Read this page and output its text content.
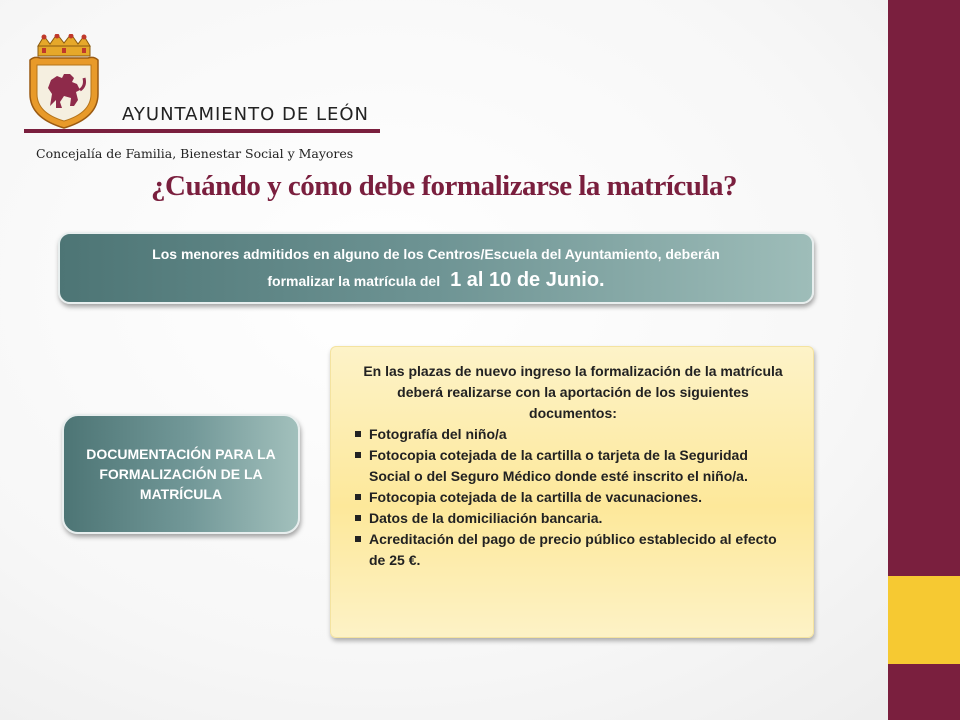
AYUNTAMIENTO DE LEÓN
Concejalía de Familia, Bienestar Social y Mayores
¿Cuándo y cómo debe formalizarse la matrícula?
Los menores admitidos en alguno de los Centros/Escuela del Ayuntamiento, deberán
formalizar la matrícula del 1 al 10 de Junio.
DOCUMENTACIÓN PARA LA FORMALIZACIÓN DE LA MATRÍCULA
En las plazas de nuevo ingreso la formalización de la matrícula deberá realizarse con la aportación de los siguientes documentos:
Fotografía del niño/a
Fotocopia cotejada de la cartilla o tarjeta de la Seguridad Social o del Seguro Médico donde esté inscrito el niño/a.
Fotocopia cotejada de la cartilla de vacunaciones.
Datos de la domiciliación bancaria.
Acreditación del pago de precio público establecido al efecto de 25 €.
